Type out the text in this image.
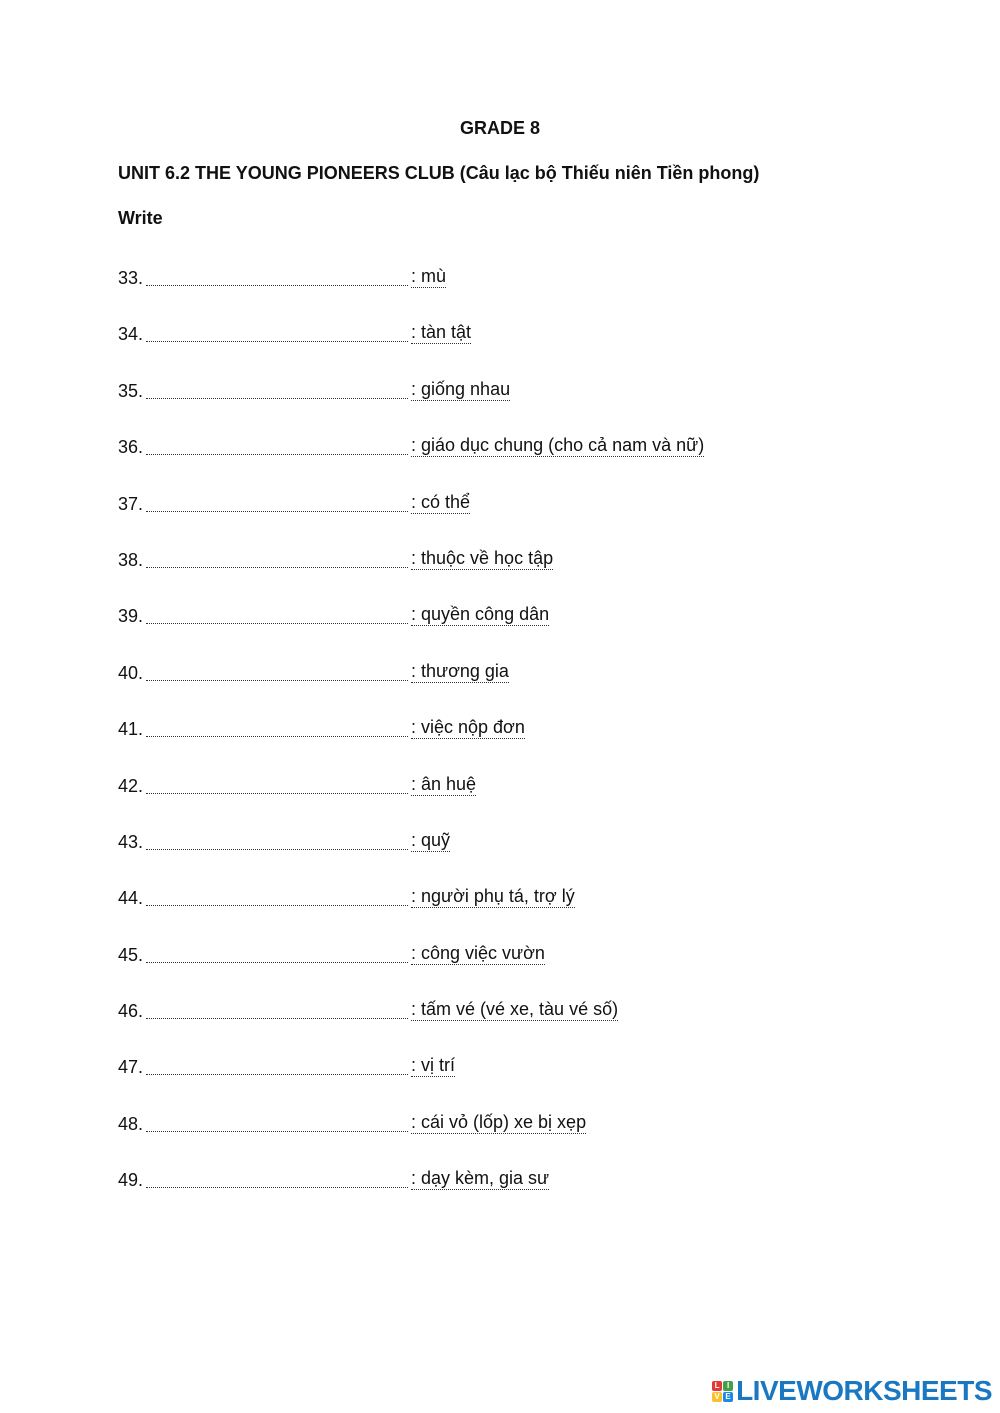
GRADE 8
UNIT 6.2 THE YOUNG PIONEERS CLUB (Câu lạc bộ Thiếu niên Tiền phong)
Write
33.	: mù
34.	: tàn tật
35.	: giống nhau
36.	: giáo dục chung (cho cả nam và nữ)
37.	: có thể
38.	: thuộc về học tập
39.	: quyền công dân
40.	: thương gia
41.	: việc nộp đơn
42.	: ân huệ
43.	: quỹ
44.	: người phụ tá, trợ lý
45.	: công việc vườn
46.	: tấm vé (vé xe, tàu vé số)
47.	: vị trí
48.	: cái vỏ (lốp) xe bị xẹp
49.	: dạy kèm, gia sư
L I
V E LIVEWORKSHEETS
